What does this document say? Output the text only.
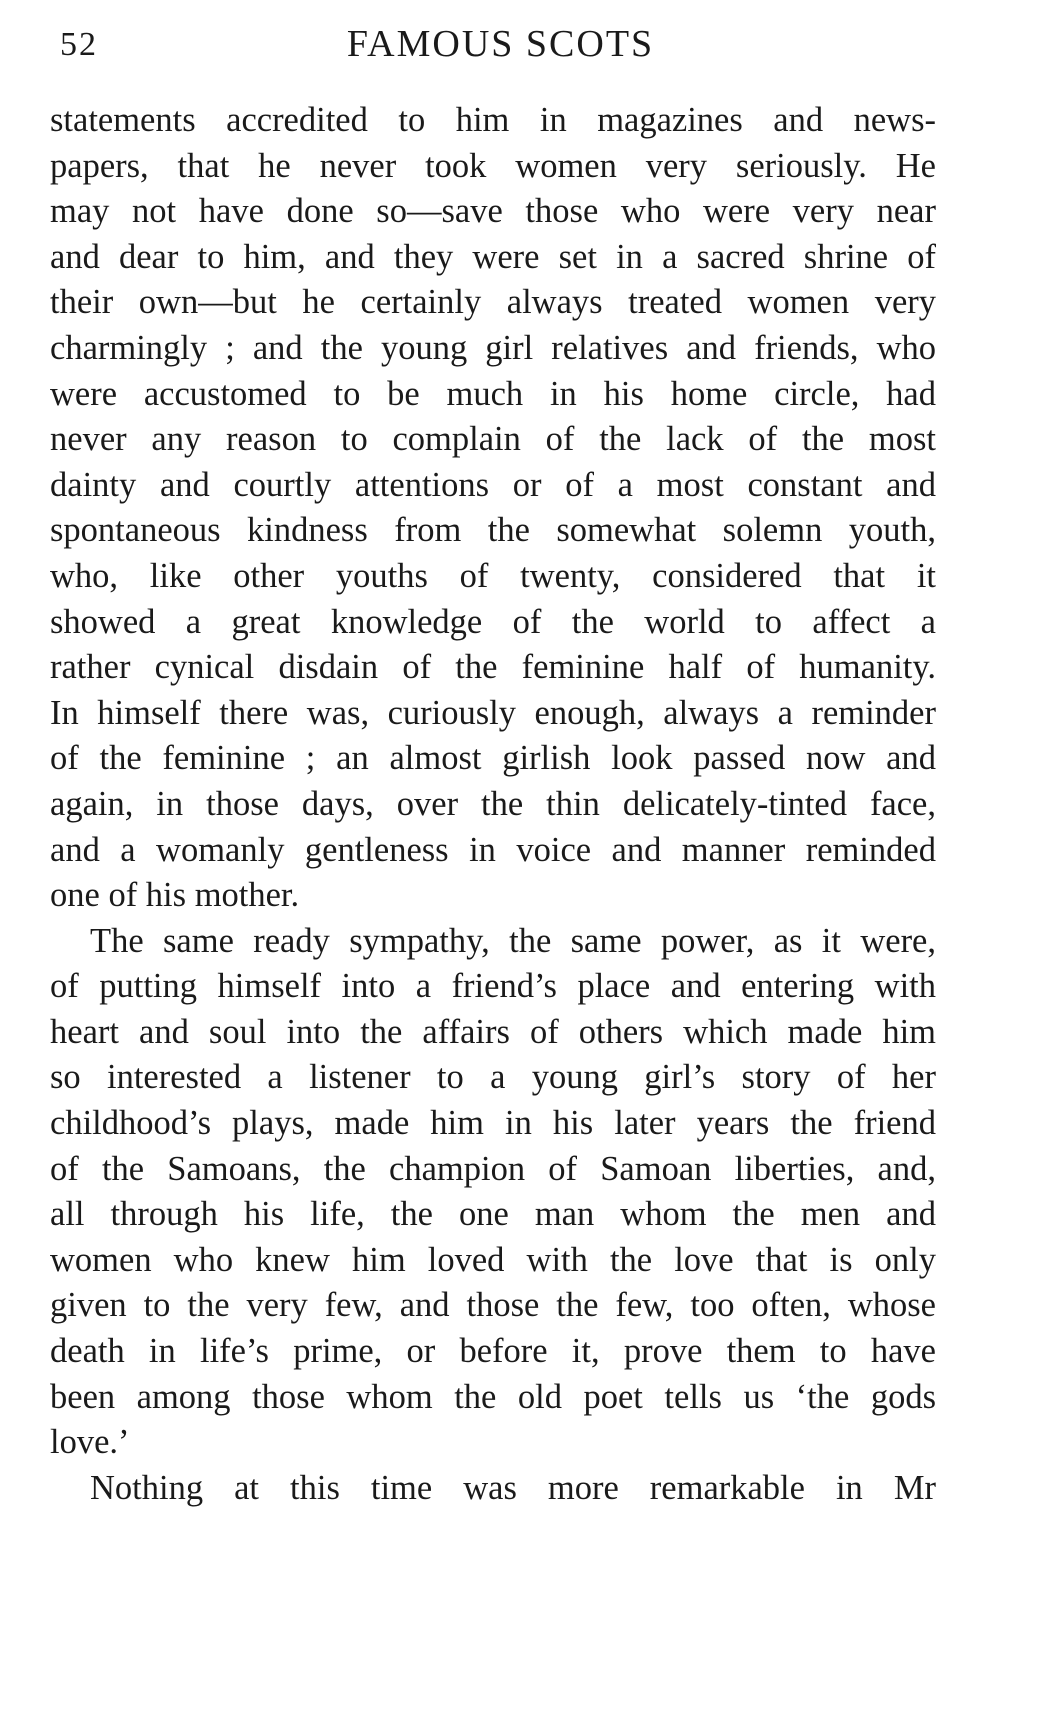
52	FAMOUS SCOTS
statements accredited to him in magazines and news-
papers, that he never took women very seriously. He
may not have done so—save those who were very near
and dear to him, and they were set in a sacred shrine of
their own—but he certainly always treated women very
charmingly ; and the young girl relatives and friends, who
were accustomed to be much in his home circle, had
never any reason to complain of the lack of the most
dainty and courtly attentions or of a most constant and
spontaneous kindness from the somewhat solemn youth,
who, like other youths of twenty, considered that it
showed a great knowledge of the world to affect a
rather cynical disdain of the feminine half of humanity.
In himself there was, curiously enough, always a reminder
of the feminine ; an almost girlish look passed now and
again, in those days, over the thin delicately-tinted face,
and a womanly gentleness in voice and manner reminded
one of his mother.
The same ready sympathy, the same power, as it were,
of putting himself into a friend’s place and entering with
heart and soul into the affairs of others which made him
so interested a listener to a young girl’s story of her
childhood’s plays, made him in his later years the friend
of the Samoans, the champion of Samoan liberties, and,
all through his life, the one man whom the men and
women who knew him loved with the love that is only
given to the very few, and those the few, too often, whose
death in life’s prime, or before it, prove them to have
been among those whom the old poet tells us ‘the gods
love.’
Nothing at this time was more remarkable in Mr
